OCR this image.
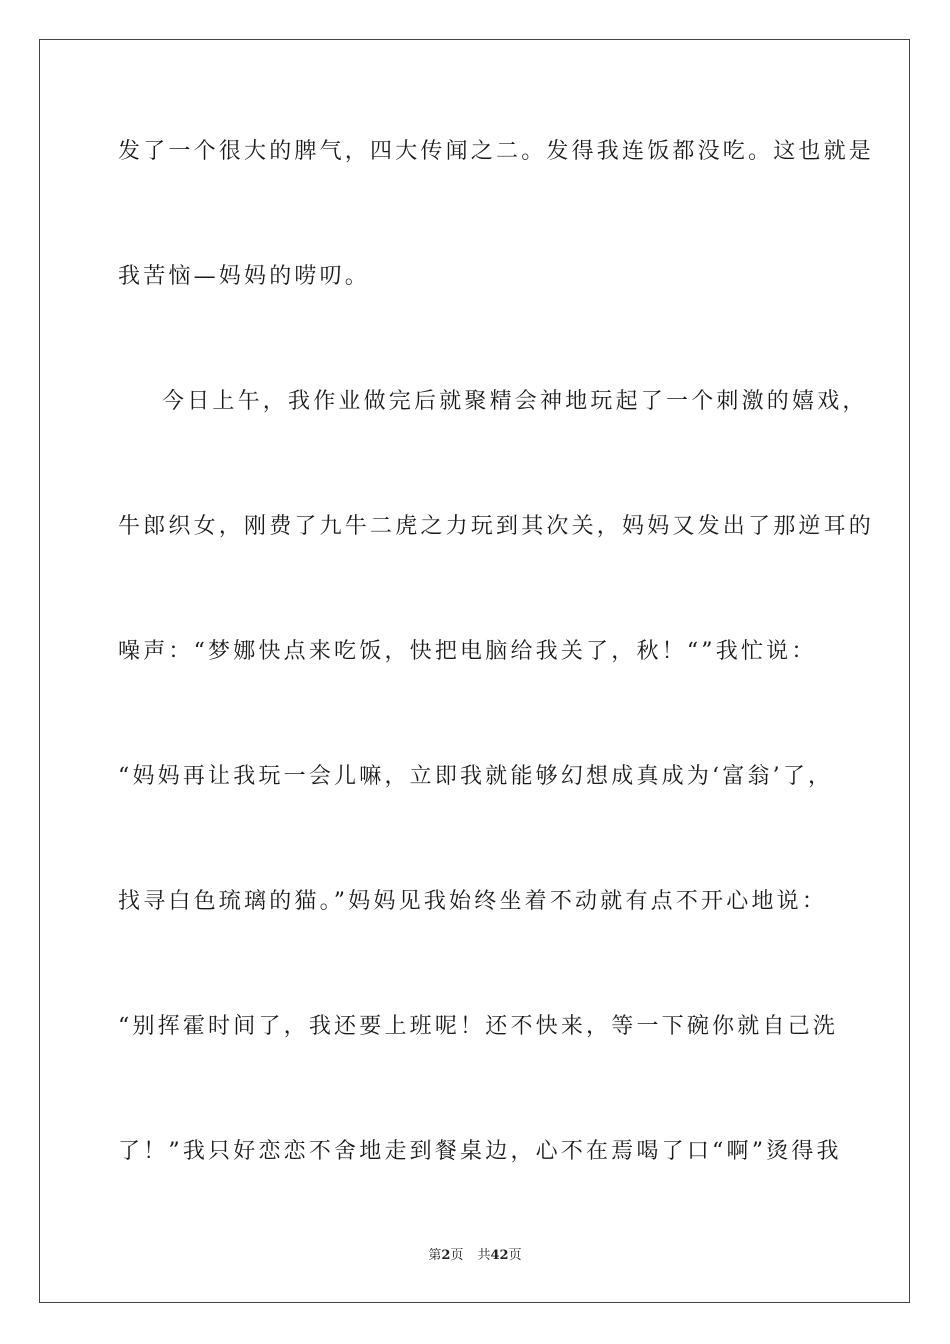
发了一个很大的脾气，四大传闻之二。发得我连饭都没吃。这也就是
我苦恼—妈妈的唠叨。
今日上午，我作业做完后就聚精会神地玩起了一个刺激的嬉戏，
牛郎织女，刚费了九牛二虎之力玩到其次关，妈妈又发出了那逆耳的
噪声：“梦娜快点来吃饭，快把电脑给我关了，秋！“”我忙说：
“妈妈再让我玩一会儿嘛，立即我就能够幻想成真成为‘富翁’了，
找寻白色琉璃的猫。”妈妈见我始终坐着不动就有点不开心地说：
“别挥霍时间了，我还要上班呢！还不快来，等一下碗你就自己洗
了！”我只好恋恋不舍地走到餐桌边，心不在焉喝了口“啊”烫得我
第2页 共42页
